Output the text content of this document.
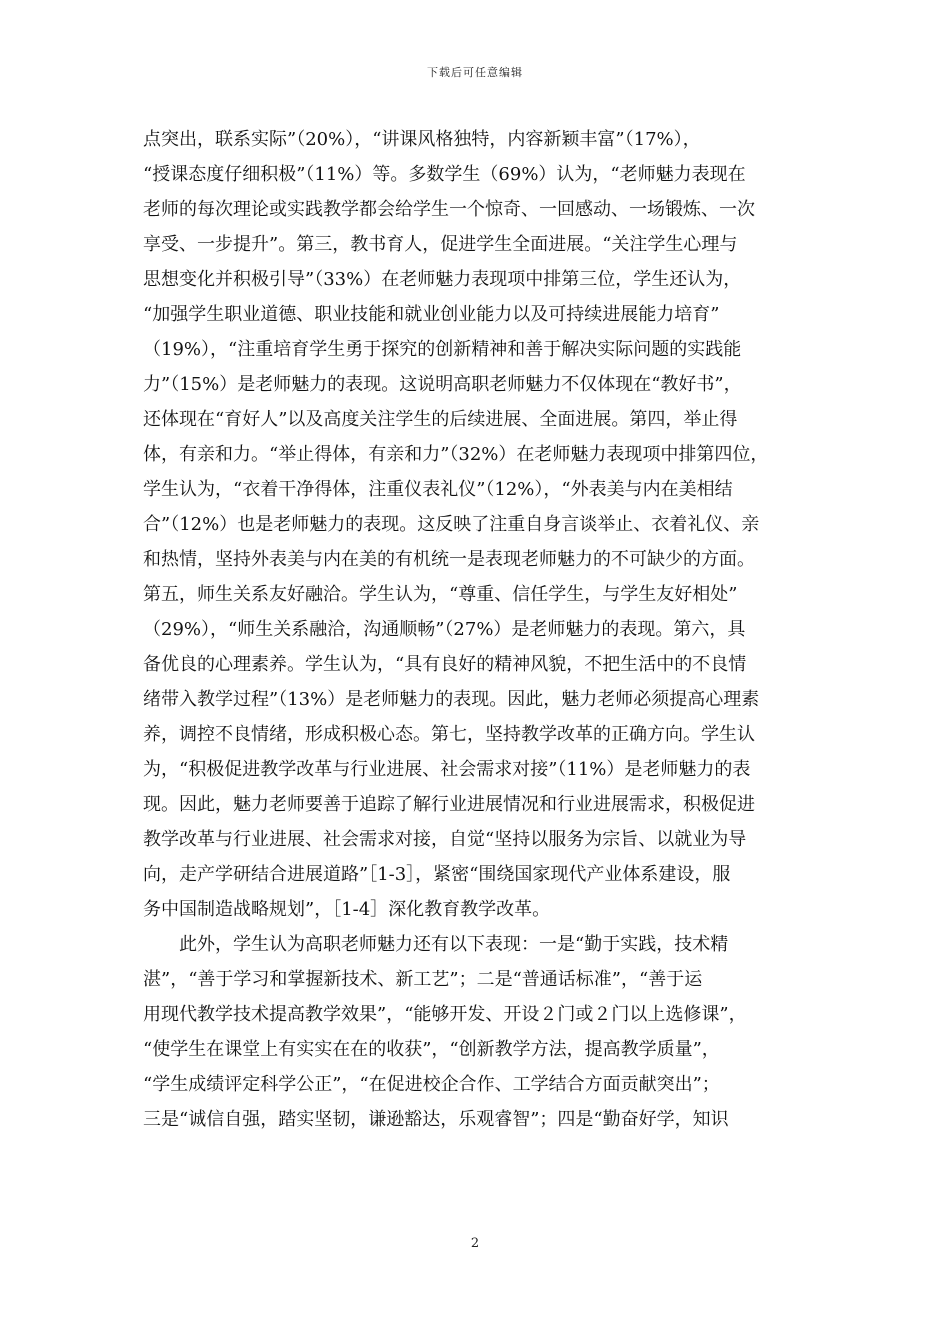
下载后可任意编辑
点突出，联系实际”（20%），“讲课风格独特，内容新颖丰富”（17%），
“授课态度仔细积极”（11%）等。多数学生（69%）认为，“老师魅力表现在
老师的每次理论或实践教学都会给学生一个惊奇、一回感动、一场锻炼、一次
享受、一步提升”。第三，教书育人，促进学生全面进展。“关注学生心理与
思想变化并积极引导”（33%）在老师魅力表现项中排第三位，学生还认为，
“加强学生职业道德、职业技能和就业创业能力以及可持续进展能力培育”
（19%），“注重培育学生勇于探究的创新精神和善于解决实际问题的实践能
力”（15%）是老师魅力的表现。这说明高职老师魅力不仅体现在“教好书”，
还体现在“育好人”以及高度关注学生的后续进展、全面进展。第四，举止得
体，有亲和力。“举止得体，有亲和力”（32%）在老师魅力表现项中排第四位，
学生认为，“衣着干净得体，注重仪表礼仪”（12%），“外表美与内在美相结
合”（12%）也是老师魅力的表现。这反映了注重自身言谈举止、衣着礼仪、亲
和热情，坚持外表美与内在美的有机统一是表现老师魅力的不可缺少的方面。
第五，师生关系友好融洽。学生认为，“尊重、信任学生，与学生友好相处”
（29%），“师生关系融洽，沟通顺畅”（27%）是老师魅力的表现。第六，具
备优良的心理素养。学生认为，“具有良好的精神风貌，不把生活中的不良情
绪带入教学过程”（13%）是老师魅力的表现。因此，魅力老师必须提高心理素
养，调控不良情绪，形成积极心态。第七，坚持教学改革的正确方向。学生认
为，“积极促进教学改革与行业进展、社会需求对接”（11%）是老师魅力的表
现。因此，魅力老师要善于追踪了解行业进展情况和行业进展需求，积极促进
教学改革与行业进展、社会需求对接，自觉“坚持以服务为宗旨、以就业为导
向，走产学研结合进展道路”［1-3］，紧密“围绕国家现代产业体系建设，服
务中国制造战略规划”，［1-4］深化教育教学改革。
　　此外，学生认为高职老师魅力还有以下表现：一是“勤于实践，技术精
湛”，“善于学习和掌握新技术、新工艺”；二是“普通话标准”，“善于运
用现代教学技术提高教学效果”，“能够开发、开设２门或２门以上选修课”，
“使学生在课堂上有实实在在的收获”，“创新教学方法，提高教学质量”，
“学生成绩评定科学公正”，“在促进校企合作、工学结合方面贡献突出”；
三是“诚信自强，踏实坚韧，谦逊豁达，乐观睿智”；四是“勤奋好学，知识
2
